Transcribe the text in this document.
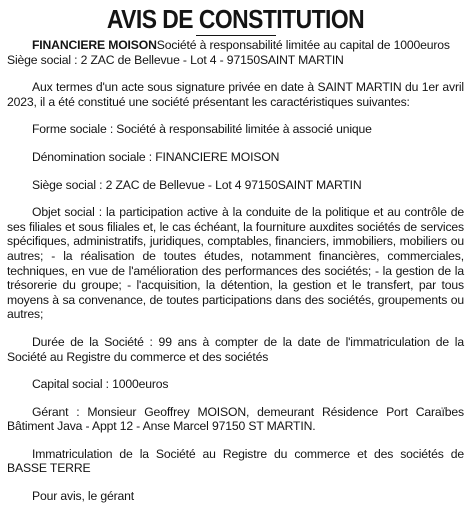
AVIS DE CONSTITUTION

FINANCIERE MOISONSociété à responsabilité limitée au capital de 1000euros
Siège social : 2 ZAC de Bellevue - Lot 4 - 97150SAINT MARTIN

Aux termes d'un acte sous signature privée en date à SAINT MARTIN du 1er avril 2023, il a été constitué une société présentant les caractéristiques suivantes:

Forme sociale : Société à responsabilité limitée à associé unique

Dénomination sociale : FINANCIERE MOISON

Siège social : 2 ZAC de Bellevue - Lot 4 97150SAINT MARTIN

Objet social : la participation active à la conduite de la politique et au contrôle de ses filiales et sous filiales et, le cas échéant, la fourniture auxdites sociétés de services spécifiques, administratifs, juridiques, comptables, financiers, immobiliers, mobiliers ou autres; - la réalisation de toutes études, notamment financières, commerciales, techniques, en vue de l'amélioration des performances des sociétés; - la gestion de la trésorerie du groupe; - l'acquisition, la détention, la gestion et le transfert, par tous moyens à sa convenance, de toutes participations dans des sociétés, groupements ou autres;

Durée de la Société : 99 ans à compter de la date de l'immatriculation de la Société au Registre du commerce et des sociétés

Capital social : 1000euros

Gérant : Monsieur Geoffrey MOISON, demeurant Résidence Port Caraïbes Bâtiment Java - Appt 12 - Anse Marcel 97150 ST MARTIN.

Immatriculation de la Société au Registre du commerce et des sociétés de BASSE TERRE

Pour avis, le gérant
